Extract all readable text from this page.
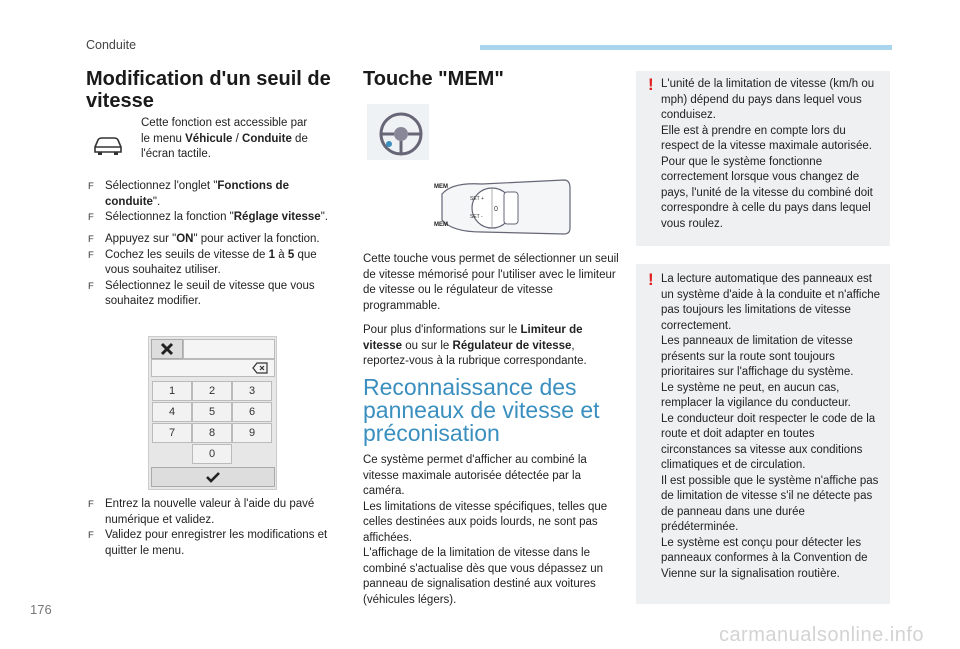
Conduite
176
carmanualsonline.info
Modification d'un seuil de vitesse
Cette fonction est accessible par
le menu Véhicule / Conduite de
l'écran tactile.
F Sélectionnez l'onglet "Fonctions de conduite".
F Sélectionnez la fonction "Réglage vitesse".
F Appuyez sur "ON" pour activer la fonction.
F Cochez les seuils de vitesse de 1 à 5 que vous souhaitez utiliser.
F Sélectionnez le seuil de vitesse que vous souhaitez modifier.
1	2	3
4	5	6
7	8	9
0
F Entrez la nouvelle valeur à l'aide du pavé numérique et validez.
F Validez pour enregistrer les modifications et quitter le menu.
Touche "MEM"
MEM
SET +
SET -
MEM
0

Cette touche vous permet de sélectionner un seuil de vitesse mémorisé pour l'utiliser avec le limiteur de vitesse ou le régulateur de vitesse programmable.

Pour plus d'informations sur le Limiteur de vitesse ou sur le Régulateur de vitesse, reportez-vous à la rubrique correspondante.

Reconnaissance des panneaux de vitesse et préconisation

Ce système permet d'afficher au combiné la vitesse maximale autorisée détectée par la caméra.

Les limitations de vitesse spécifiques, telles que celles destinées aux poids lourds, ne sont pas affichées.

L'affichage de la limitation de vitesse dans le combiné s'actualise dès que vous dépassez un panneau de signalisation destiné aux voitures (véhicules légers).

! L'unité de la limitation de vitesse (km/h ou mph) dépend du pays dans lequel vous conduisez.
Elle est à prendre en compte lors du respect de la vitesse maximale autorisée.
Pour que le système fonctionne correctement lorsque vous changez de pays, l'unité de la vitesse du combiné doit correspondre à celle du pays dans lequel vous roulez.
! La lecture automatique des panneaux est un système d'aide à la conduite et n'affiche pas toujours les limitations de vitesse correctement.
Les panneaux de limitation de vitesse présents sur la route sont toujours prioritaires sur l'affichage du système.
Le système ne peut, en aucun cas, remplacer la vigilance du conducteur.
Le conducteur doit respecter le code de la route et doit adapter en toutes circonstances sa vitesse aux conditions climatiques et de circulation.
Il est possible que le système n'affiche pas de limitation de vitesse s'il ne détecte pas de panneau dans une durée prédéterminée.
Le système est conçu pour détecter les panneaux conformes à la Convention de Vienne sur la signalisation routière.
